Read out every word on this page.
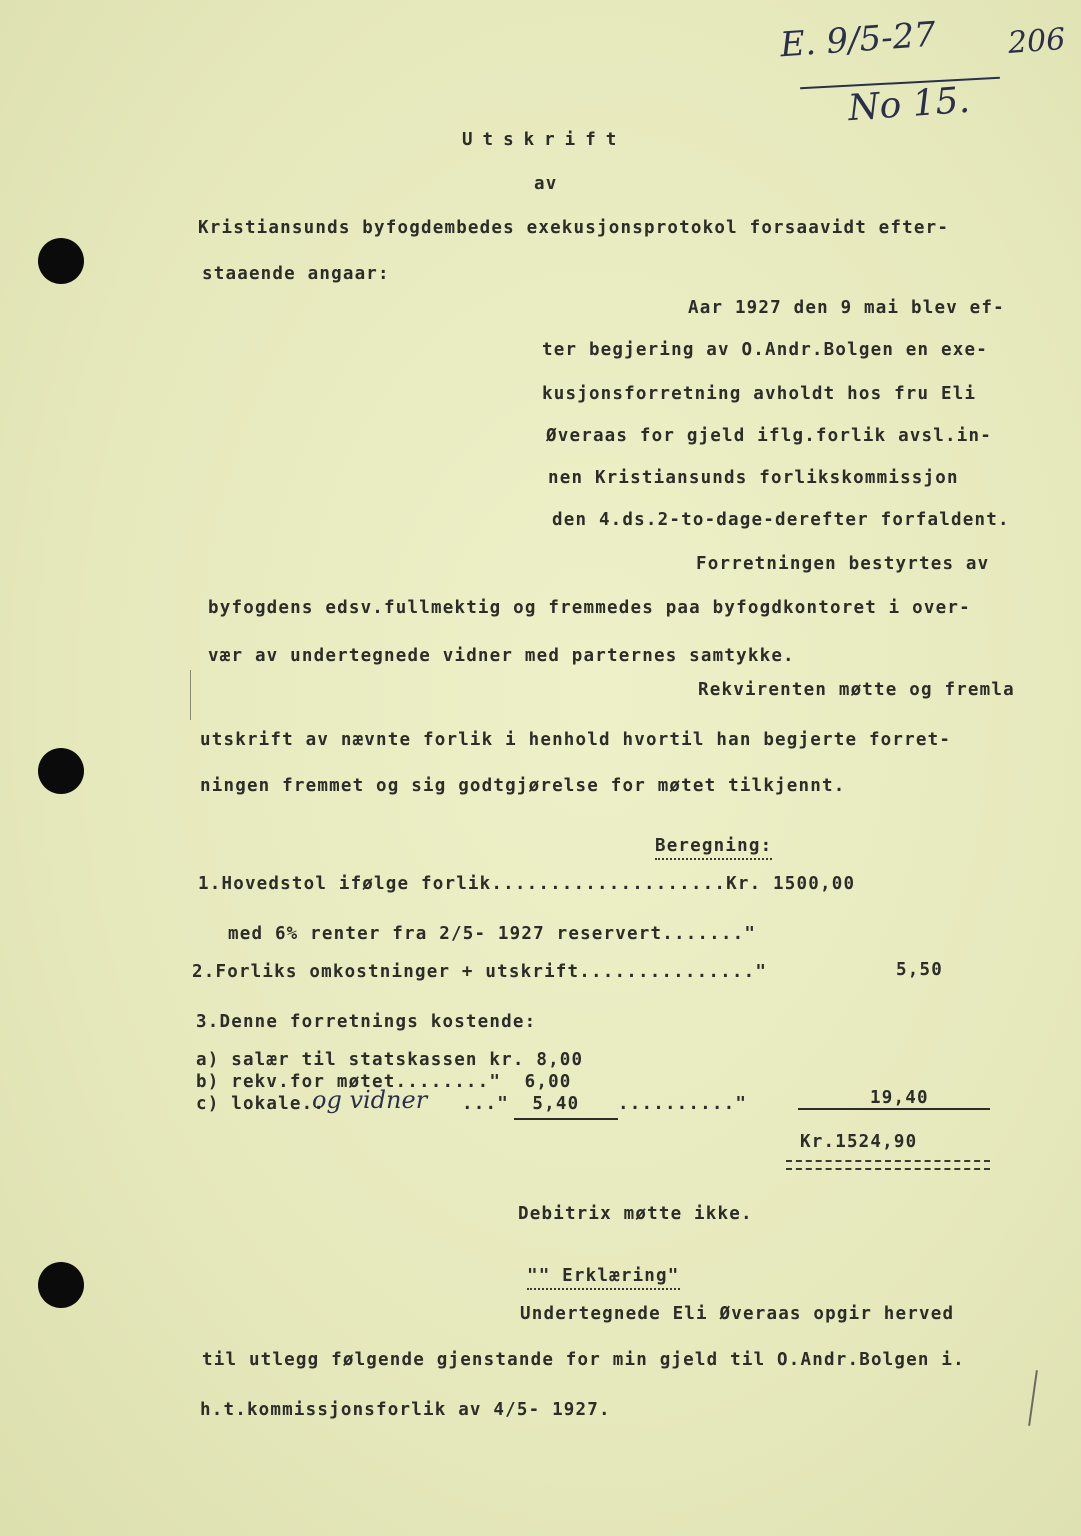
E. 9/5-27 206
No 15.
Utskrift
av
Kristiansunds byfogdembedes exekusjonsprotokol forsaavidt efter-
staaende angaar:
Aar 1927 den 9 mai blev ef-
ter begjering av O.Andr.Bolgen en exe-
kusjonsforretning avholdt hos fru Eli
Øveraas for gjeld iflg.forlik avsl.in-
nen Kristiansunds forlikskommissjon
den 4.ds.2-to-dage-derefter forfaldent.
Forretningen bestyrtes av
byfogdens edsv.fullmektig og fremmedes paa byfogdkontoret i over-
vær av undertegnede vidner med parternes samtykke.
Rekvirenten møtte og fremla
utskrift av nævnte forlik i henhold hvortil han begjerte forret-
ningen fremmet og sig godtgjørelse for møtet tilkjennt.

Beregning:

1.Hovedstol ifølge forlik....................Kr. 1500,00
med 6% renter fra 2/5- 1927 reservert......."
2.Forliks omkostninger + utskrift..............."	5,50
3.Denne forretnings kostende:
a) salær til statskassen kr. 8,00
b) rekv.for møtet........"  6,00
c) lokale..
og vidner ..."  5,40 .........."	19,40
Kr.1524,90
Debitrix møtte ikke.

"" Erklæring"

Undertegnede Eli Øveraas opgir herved
til utlegg følgende gjenstande for min gjeld til O.Andr.Bolgen i.
h.t.kommissjonsforlik av 4/5- 1927.
